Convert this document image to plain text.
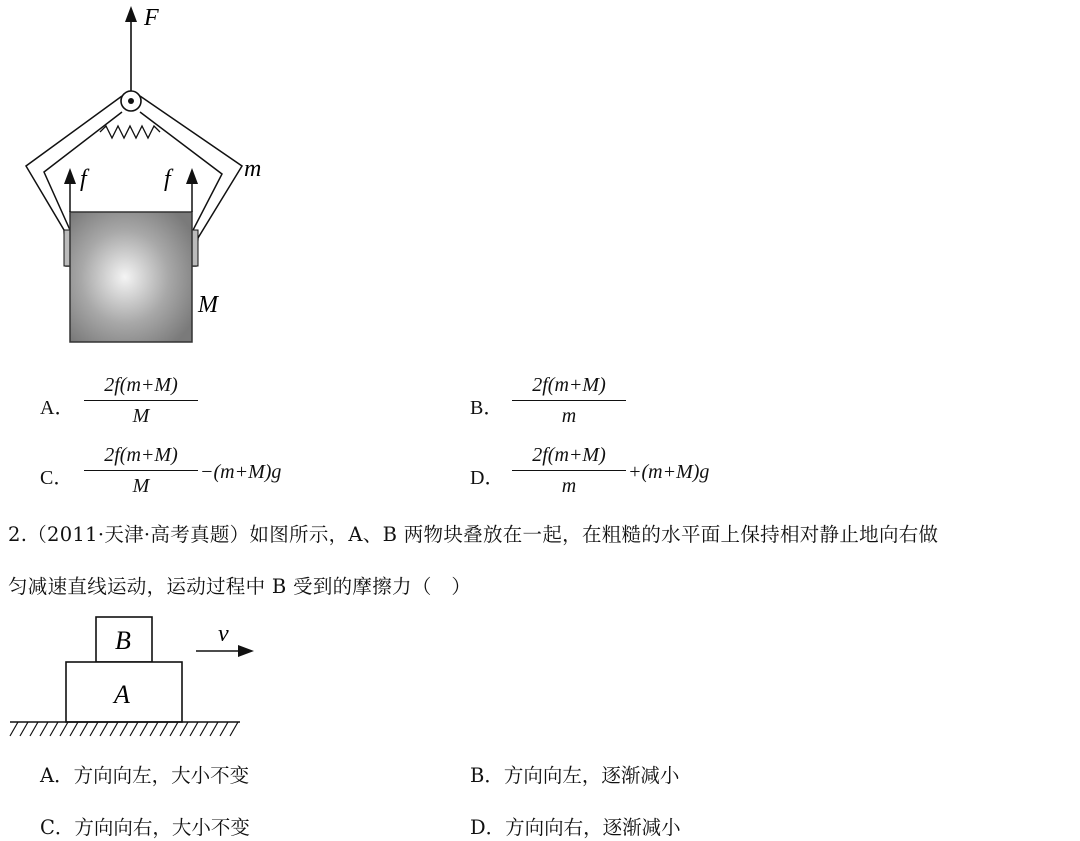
F
f	f	m
M
A．
2f(m+M)
M	B．
2f(m+M)
m
C．
2f(m+M)
M
−(m+M)g	D．
2f(m+M)
m
+(m+M)g
2.（2011·天津·高考真题）如图所示，A、B 两物块叠放在一起，在粗糙的水平面上保持相对静止地向右做
匀减速直线运动，运动过程中 B 受到的摩擦力（　）
B
A
v
A．方向向左，大小不变	B．方向向左，逐渐减小
C．方向向右，大小不变	D．方向向右，逐渐减小
